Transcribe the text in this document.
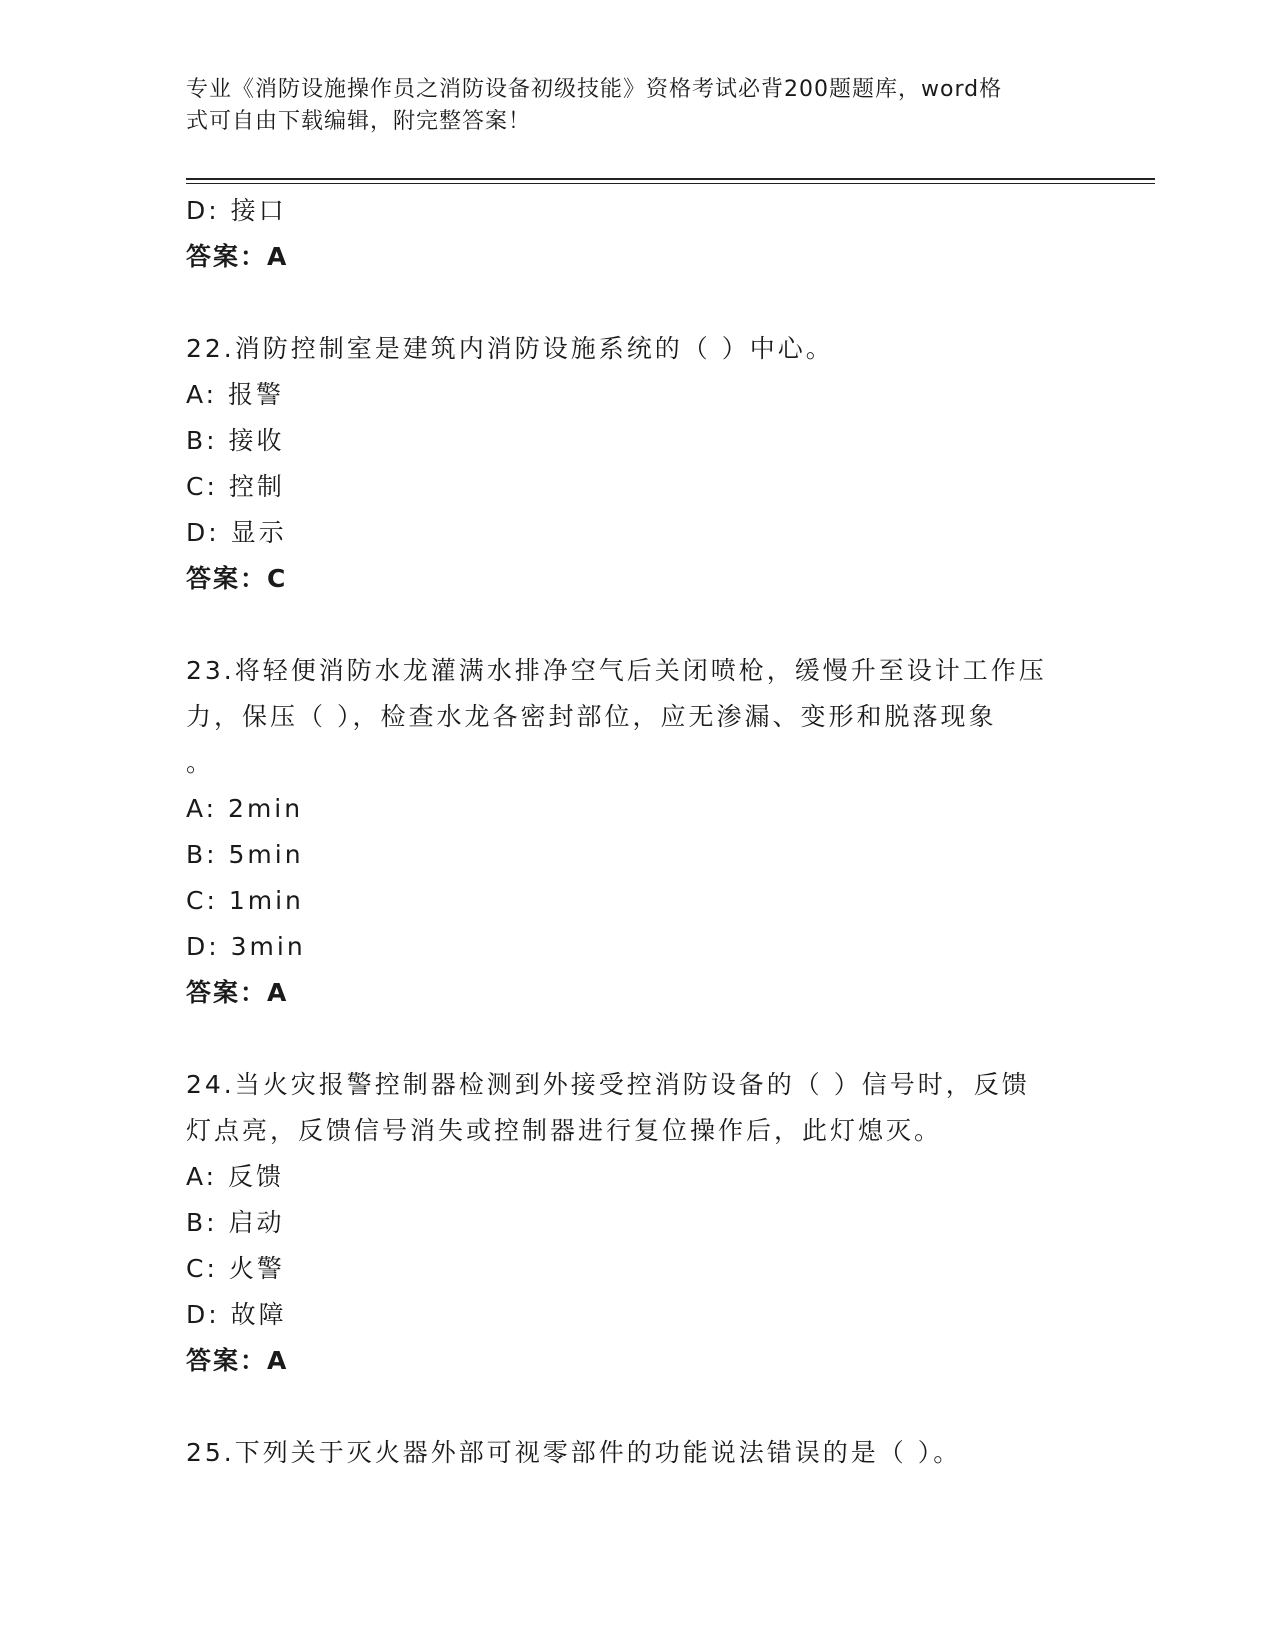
专业《消防设施操作员之消防设备初级技能》资格考试必背200题题库，word格
式可自由下载编辑，附完整答案！
D: 接口
答案：A
22.消防控制室是建筑内消防设施系统的（ ）中心。
A: 报警
B: 接收
C: 控制
D: 显示
答案：C
23.将轻便消防水龙灌满水排净空气后关闭喷枪，缓慢升至设计工作压
力，保压（ ），检查水龙各密封部位，应无渗漏、变形和脱落现象
。
A: 2min
B: 5min
C: 1min
D: 3min
答案：A
24.当火灾报警控制器检测到外接受控消防设备的（ ）信号时，反馈
灯点亮，反馈信号消失或控制器进行复位操作后，此灯熄灭。
A: 反馈
B: 启动
C: 火警
D: 故障
答案：A
25.下列关于灭火器外部可视零部件的功能说法错误的是（ ）。
